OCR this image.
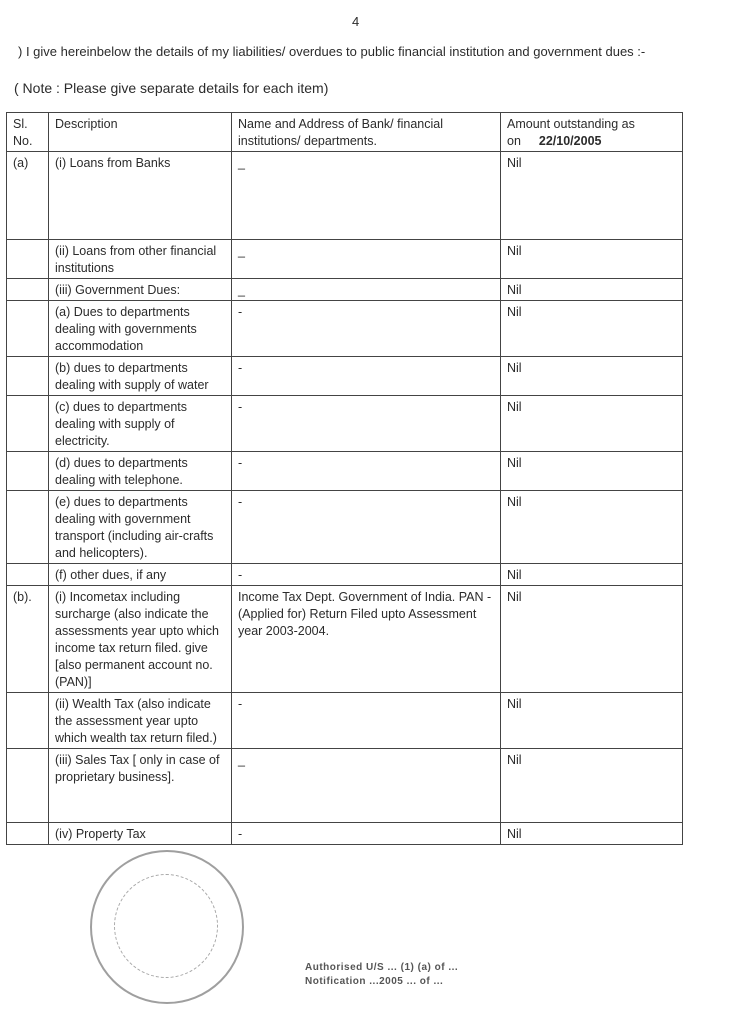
4
) I give hereinbelow the details of my liabilities/ overdues to public financial institution and government dues :-
( Note : Please give separate details for each item)
Sl. No.	Description	Name and Address of Bank/ financial institutions/ departments.	Amount outstanding as on 22/10/2005
(a)	(i) Loans from Banks	_	Nil
	(ii) Loans from other financial institutions	_	Nil
	(iii) Government Dues:	_	Nil
	(a) Dues to departments dealing with governments accommodation	-	Nil
	(b) dues to departments dealing with supply of water	-	Nil
	(c) dues to departments dealing with supply of electricity.	-	Nil
	(d) dues to departments dealing with telephone.	-	Nil
	(e) dues to departments dealing with government transport (including air-crafts and helicopters).	-	Nil
	(f) other dues, if any	-	Nil
(b).	(i) Incometax including surcharge (also indicate the assessments year upto which income tax return filed. give [also permanent account no. (PAN)]	Income Tax Dept. Government of India. PAN - (Applied for) Return Filed upto Assessment year 2003-2004.	Nil
	(ii) Wealth Tax (also indicate the assessment year upto which wealth tax return filed.)	-	Nil
	(iii) Sales Tax [ only in case of proprietary business].	_	Nil
	(iv) Property Tax	-	Nil
Authorised U/S ... (1) (a) of ...
Notification ...2005 ... of ...
